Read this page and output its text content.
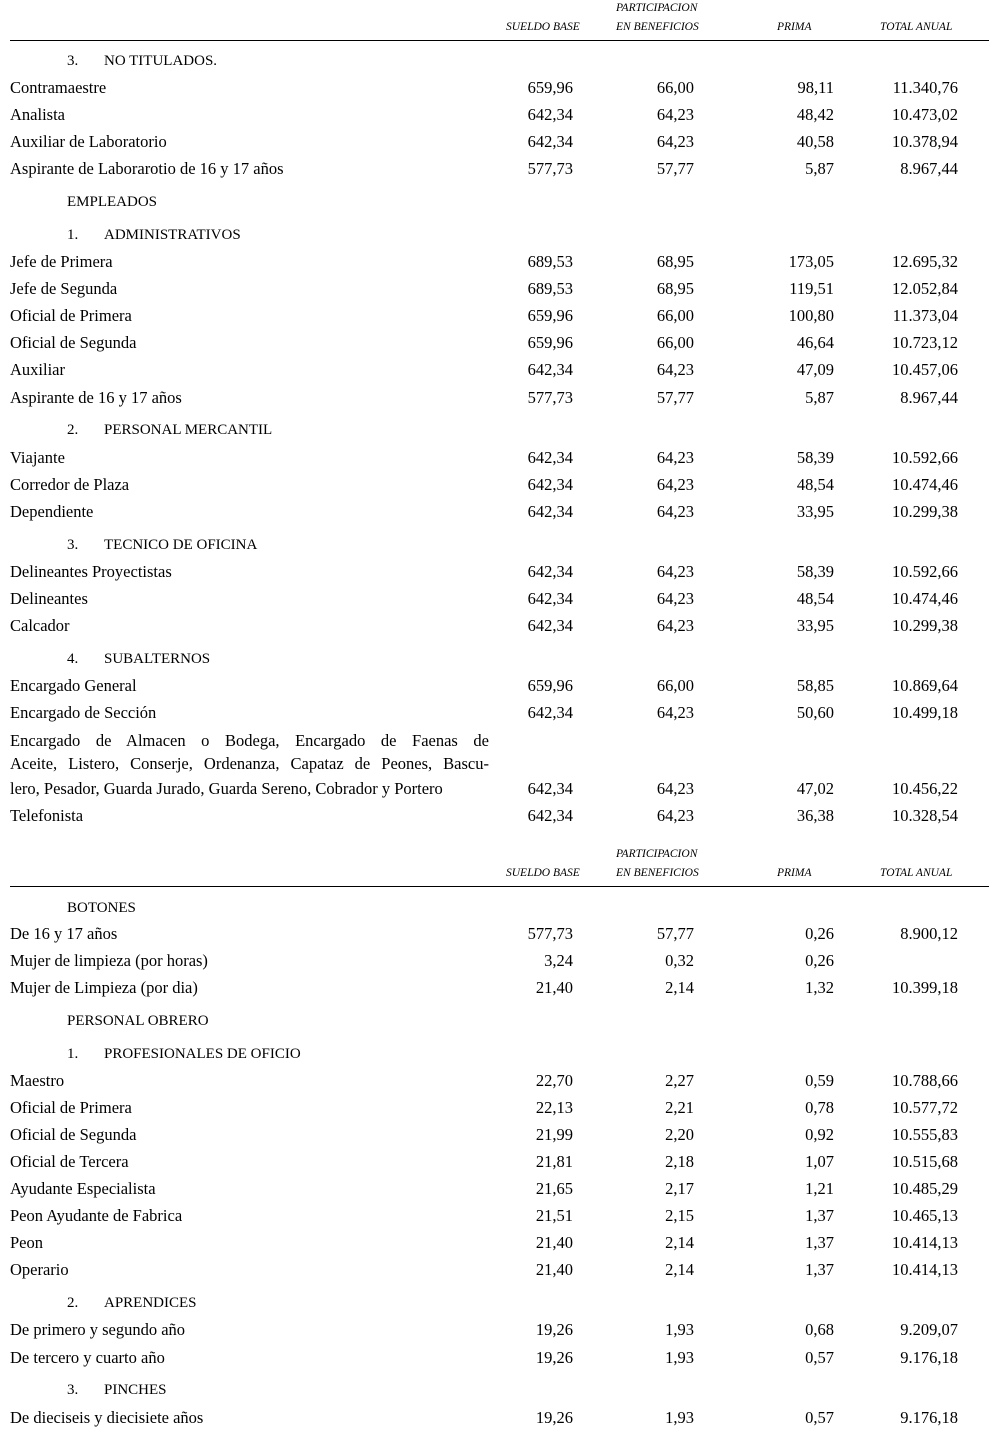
SUELDO BASE
PARTICIPACION
EN BENEFICIOS	PRIMA	TOTAL ANUAL
3. NO TITULADOS.
Contramaestre	659,96	66,00	98,11	11.340,76
Analista	642,34	64,23	48,42	10.473,02
Auxiliar de Laboratorio	642,34	64,23	40,58	10.378,94
Aspirante de Laborarotio de 16 y 17 años	577,73	57,77	5,87	8.967,44
EMPLEADOS
1. ADMINISTRATIVOS
Jefe de Primera	689,53	68,95	173,05	12.695,32
Jefe de Segunda	689,53	68,95	119,51	12.052,84
Oficial de Primera	659,96	66,00	100,80	11.373,04
Oficial de Segunda	659,96	66,00	46,64	10.723,12
Auxiliar	642,34	64,23	47,09	10.457,06
Aspirante de 16 y 17 años	577,73	57,77	5,87	8.967,44
2. PERSONAL MERCANTIL
Viajante	642,34	64,23	58,39	10.592,66
Corredor de Plaza	642,34	64,23	48,54	10.474,46
Dependiente	642,34	64,23	33,95	10.299,38
3. TECNICO DE OFICINA
Delineantes Proyectistas	642,34	64,23	58,39	10.592,66
Delineantes	642,34	64,23	48,54	10.474,46
Calcador	642,34	64,23	33,95	10.299,38
4. SUBALTERNOS
Encargado General	659,96	66,00	58,85	10.869,64
Encargado de Sección	642,34	64,23	50,60	10.499,18
Encargado de Almacen o Bodega, Encargado de Faenas de
Aceite, Listero, Conserje, Ordenanza, Capataz de Peones, Bascu-
lero, Pesador, Guarda Jurado, Guarda Sereno, Cobrador y Portero	642,34	64,23	47,02	10.456,22
Telefonista	642,34	64,23	36,38	10.328,54
SUELDO BASE
PARTICIPACION
EN BENEFICIOS	PRIMA	TOTAL ANUAL
BOTONES
De 16 y 17 años	577,73	57,77	0,26	8.900,12
Mujer de limpieza (por horas)	3,24	0,32	0,26
Mujer de Limpieza (por dia)	21,40	2,14	1,32	10.399,18
PERSONAL OBRERO
1. PROFESIONALES DE OFICIO
Maestro	22,70	2,27	0,59	10.788,66
Oficial de Primera	22,13	2,21	0,78	10.577,72
Oficial de Segunda	21,99	2,20	0,92	10.555,83
Oficial de Tercera	21,81	2,18	1,07	10.515,68
Ayudante Especialista	21,65	2,17	1,21	10.485,29
Peon Ayudante de Fabrica	21,51	2,15	1,37	10.465,13
Peon	21,40	2,14	1,37	10.414,13
Operario	21,40	2,14	1,37	10.414,13
2. APRENDICES
De primero y segundo año	19,26	1,93	0,68	9.209,07
De tercero y cuarto año	19,26	1,93	0,57	9.176,18
3. PINCHES
De dieciseis y diecisiete años	19,26	1,93	0,57	9.176,18
